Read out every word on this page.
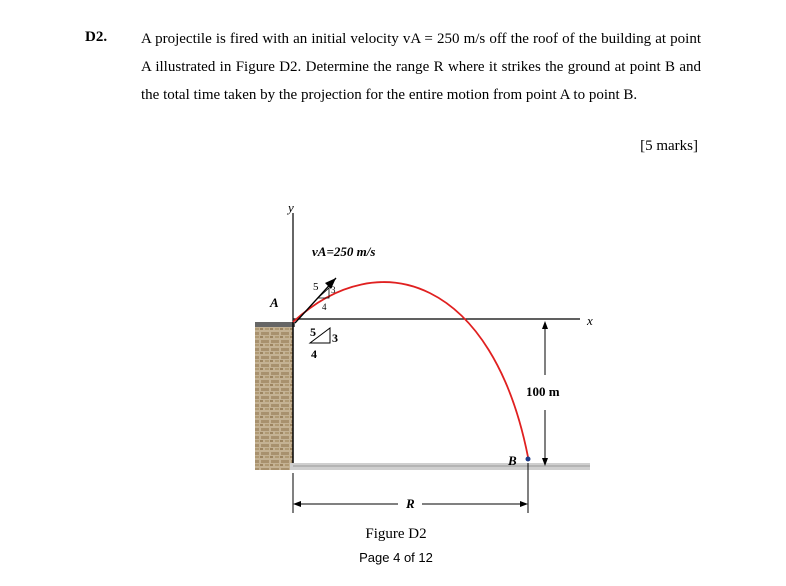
D2. A projectile is fired with an initial velocity vA = 250 m/s off the roof of the building at point A illustrated in Figure D2. Determine the range R where it strikes the ground at point B and the total time taken by the projection for the entire motion from point A to point B.
[5 marks]
y
x
5 3
4
5 3
4
vA=250 m/s
A
B
100 m
R
Figure D2
Page 4 of 12
